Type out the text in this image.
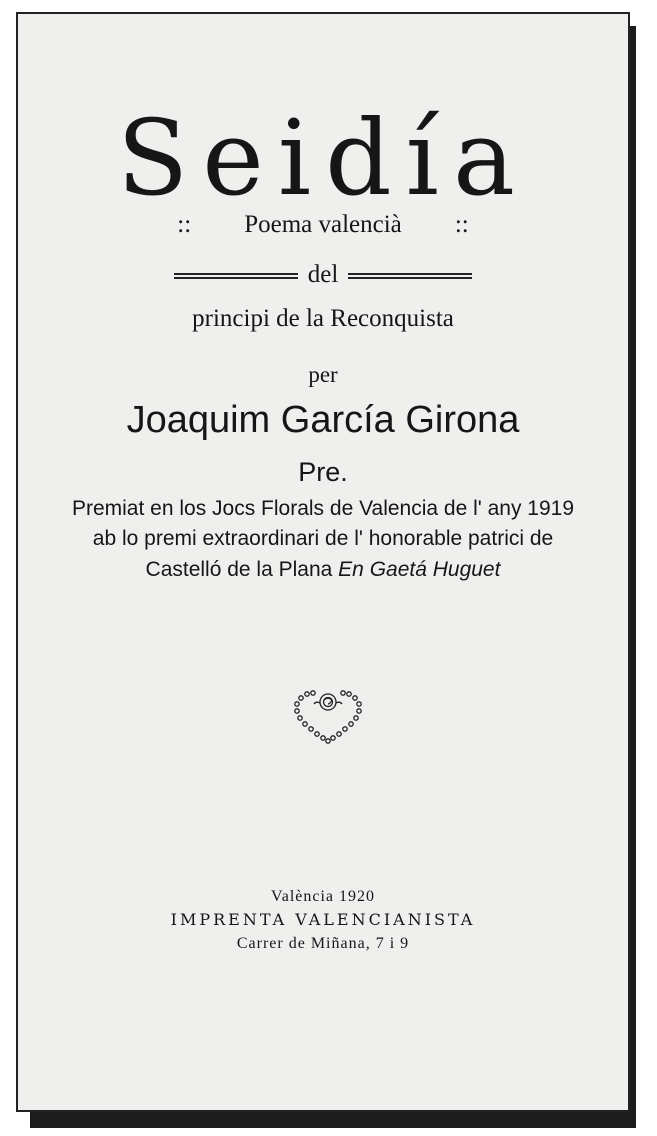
Seidía
:: Poema valencià ::
del
principi de la Reconquista
per
Joaquim García Girona
Pre.
Premiat en los Jocs Florals de Valencia de l' any 1919
ab lo premi extraordinari de l' honorable patrici de
Castelló de la Plana En Gaetá Huguet
València 1920
IMPRENTA VALENCIANISTA
Carrer de Miñana, 7 i 9
